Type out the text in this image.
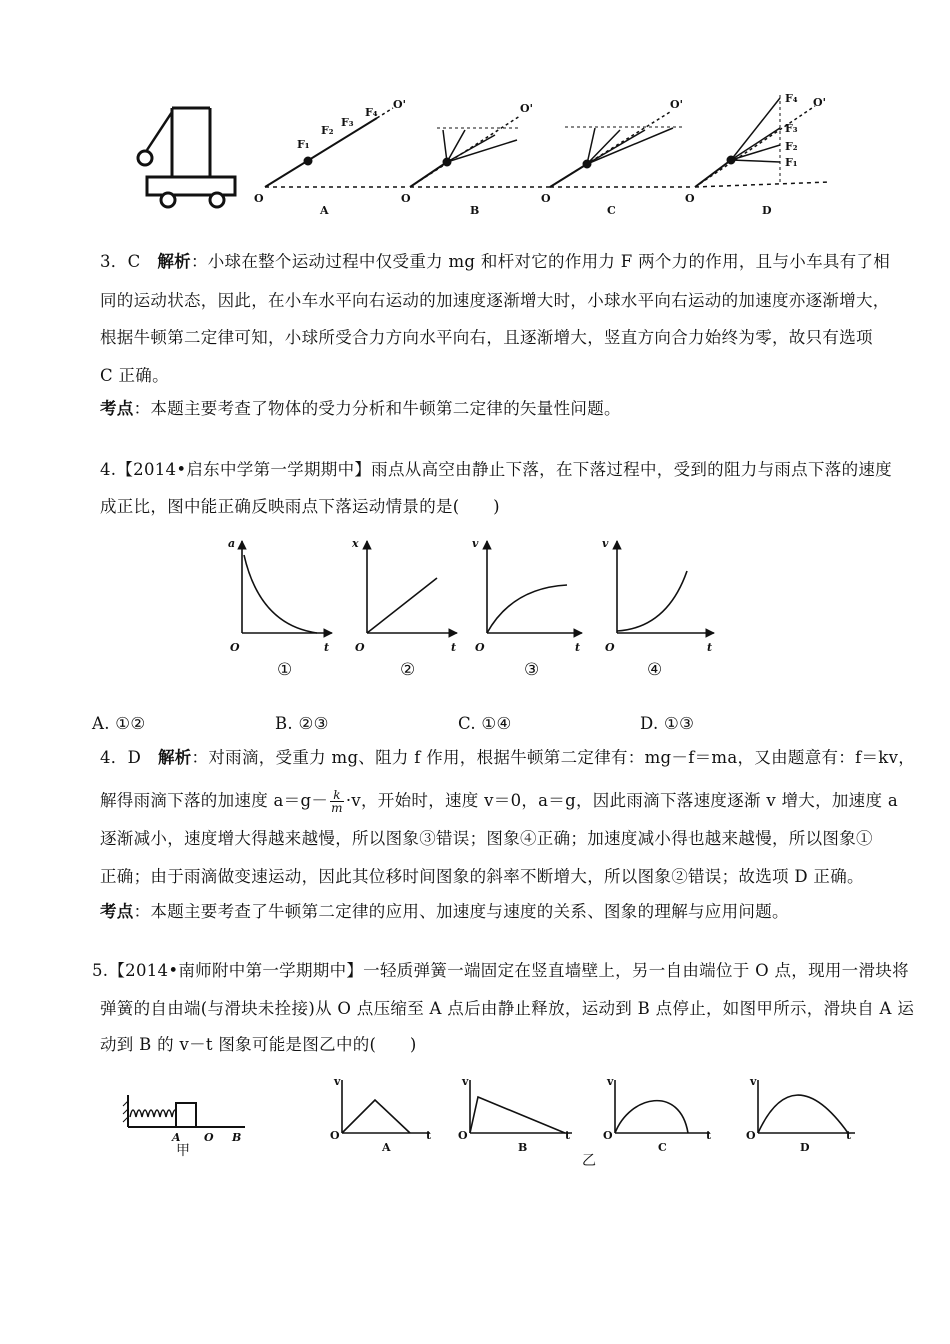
O
O'
A
F₁
F₂
F₃
F₄
O
O'
B
O
O'
C
O
O'
D
F₄
F₃
F₂
F₁
3．C　解析：小球在整个运动过程中仅受重力 mg 和杆对它的作用力 F 两个力的作用，且与小车具有了相
同的运动状态，因此，在小车水平向右运动的加速度逐渐增大时，小球水平向右运动的加速度亦逐渐增大，
根据牛顿第二定律可知，小球所受合力方向水平向右，且逐渐增大，竖直方向合力始终为零，故只有选项
C 正确。
考点：本题主要考查了物体的受力分析和牛顿第二定律的矢量性问题。
4.【2014•启东中学第一学期期中】雨点从高空由静止下落，在下落过程中，受到的阻力与雨点下落的速度
成正比，图中能正确反映雨点下落运动情景的是(　　)
a
O	t
①
x
O	t
②
v
O	t
③
v
O	t
④
A. ①②	B. ②③	C. ①④	D. ①③
4．D　解析：对雨滴，受重力 mg、阻力 f 作用，根据牛顿第二定律有：mg－f＝ma，又由题意有：f＝kv，
解得雨滴下落的加速度 $a=g- \frac{k}{m} \cdot v$，开始时，速度 v＝0，a＝g，因此雨滴下落速度逐渐 v 增大，加速度 a
逐渐减小，速度增大得越来越慢，所以图象③错误；图象④正确；加速度减小得也越来越慢，所以图象①
正确；由于雨滴做变速运动，因此其位移时间图象的斜率不断增大，所以图象②错误；故选项 D 正确。
考点：本题主要考查了牛顿第二定律的应用、加速度与速度的关系、图象的理解与应用问题。
5.【2014•南师附中第一学期期中】一轻质弹簧一端固定在竖直墙壁上，另一自由端位于 O 点，现用一滑块将
弹簧的自由端(与滑块未拴接)从 O 点压缩至 A 点后由静止释放，运动到 B 点停止，如图甲所示，滑块自 A 运
动到 B 的 v－t 图象可能是图乙中的(　　)
A O B
甲
v
O	t
A
v
O	t
B
乙
v
O	t
C
v
O	t
D
